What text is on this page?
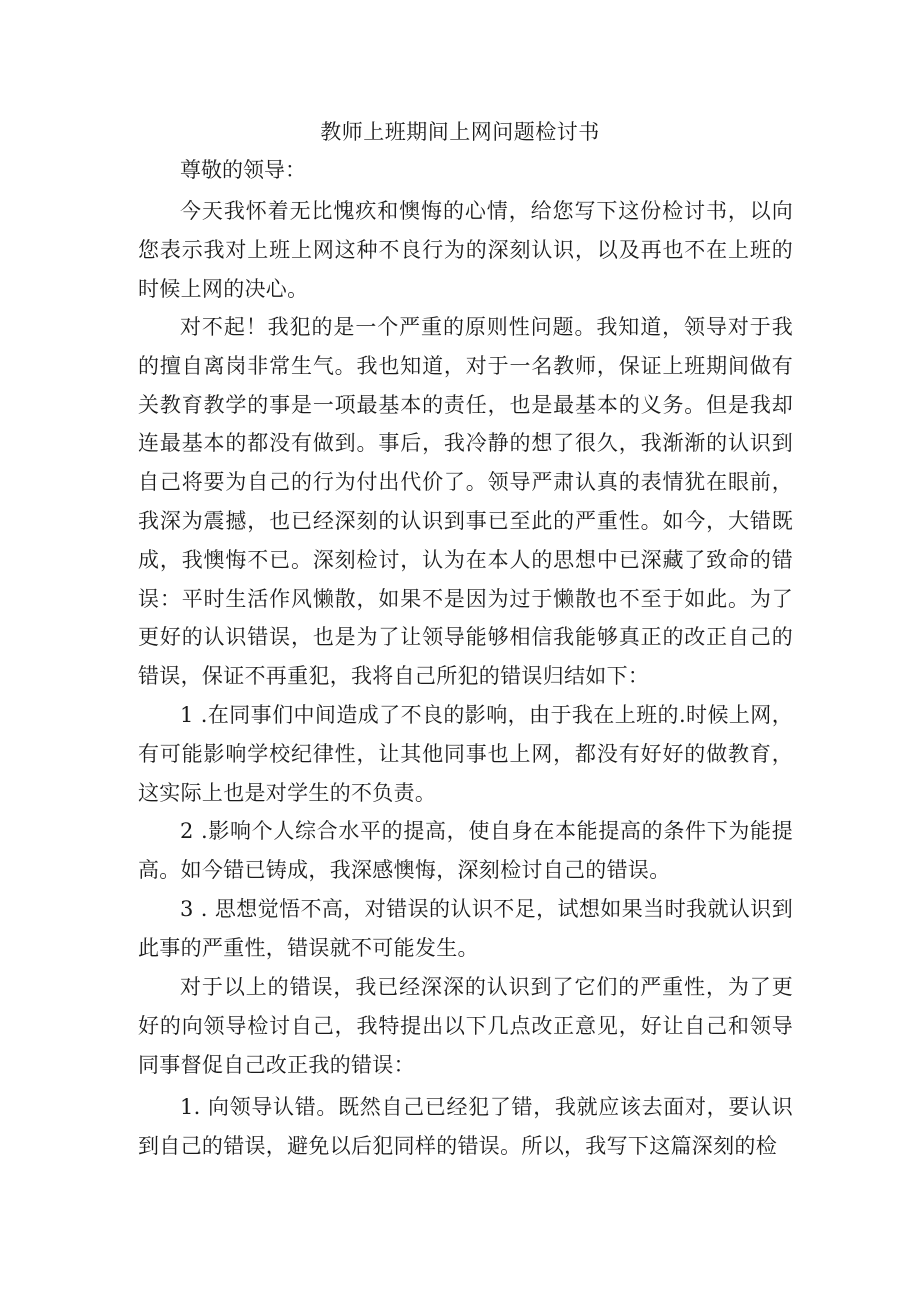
教师上班期间上网问题检讨书
尊敬的领导：

今天我怀着无比愧疚和懊悔的心情，给您写下这份检讨书，以向您表示我对上班上网这种不良行为的深刻认识，以及再也不在上班的时候上网的决心。

对不起！我犯的是一个严重的原则性问题。我知道，领导对于我的擅自离岗非常生气。我也知道，对于一名教师，保证上班期间做有关教育教学的事是一项最基本的责任，也是最基本的义务。但是我却连最基本的都没有做到。事后，我冷静的想了很久，我渐渐的认识到自己将要为自己的行为付出代价了。领导严肃认真的表情犹在眼前，我深为震撼，也已经深刻的认识到事已至此的严重性。如今，大错既成，我懊悔不已。深刻检讨，认为在本人的思想中已深藏了致命的错误：平时生活作风懒散，如果不是因为过于懒散也不至于如此。为了更好的认识错误，也是为了让领导能够相信我能够真正的改正自己的错误，保证不再重犯，我将自己所犯的错误归结如下：

1 .在同事们中间造成了不良的影响，由于我在上班的.时候上网，有可能影响学校纪律性，让其他同事也上网，都没有好好的做教育，这实际上也是对学生的不负责。

2 .影响个人综合水平的提高，使自身在本能提高的条件下为能提高。如今错已铸成，我深感懊悔，深刻检讨自己的错误。

3 . 思想觉悟不高，对错误的认识不足，试想如果当时我就认识到此事的严重性，错误就不可能发生。

对于以上的错误，我已经深深的认识到了它们的严重性，为了更好的向领导检讨自己，我特提出以下几点改正意见，好让自己和领导同事督促自己改正我的错误：

1. 向领导认错。既然自己已经犯了错，我就应该去面对，要认识到自己的错误，避免以后犯同样的错误。所以，我写下这篇深刻的检
